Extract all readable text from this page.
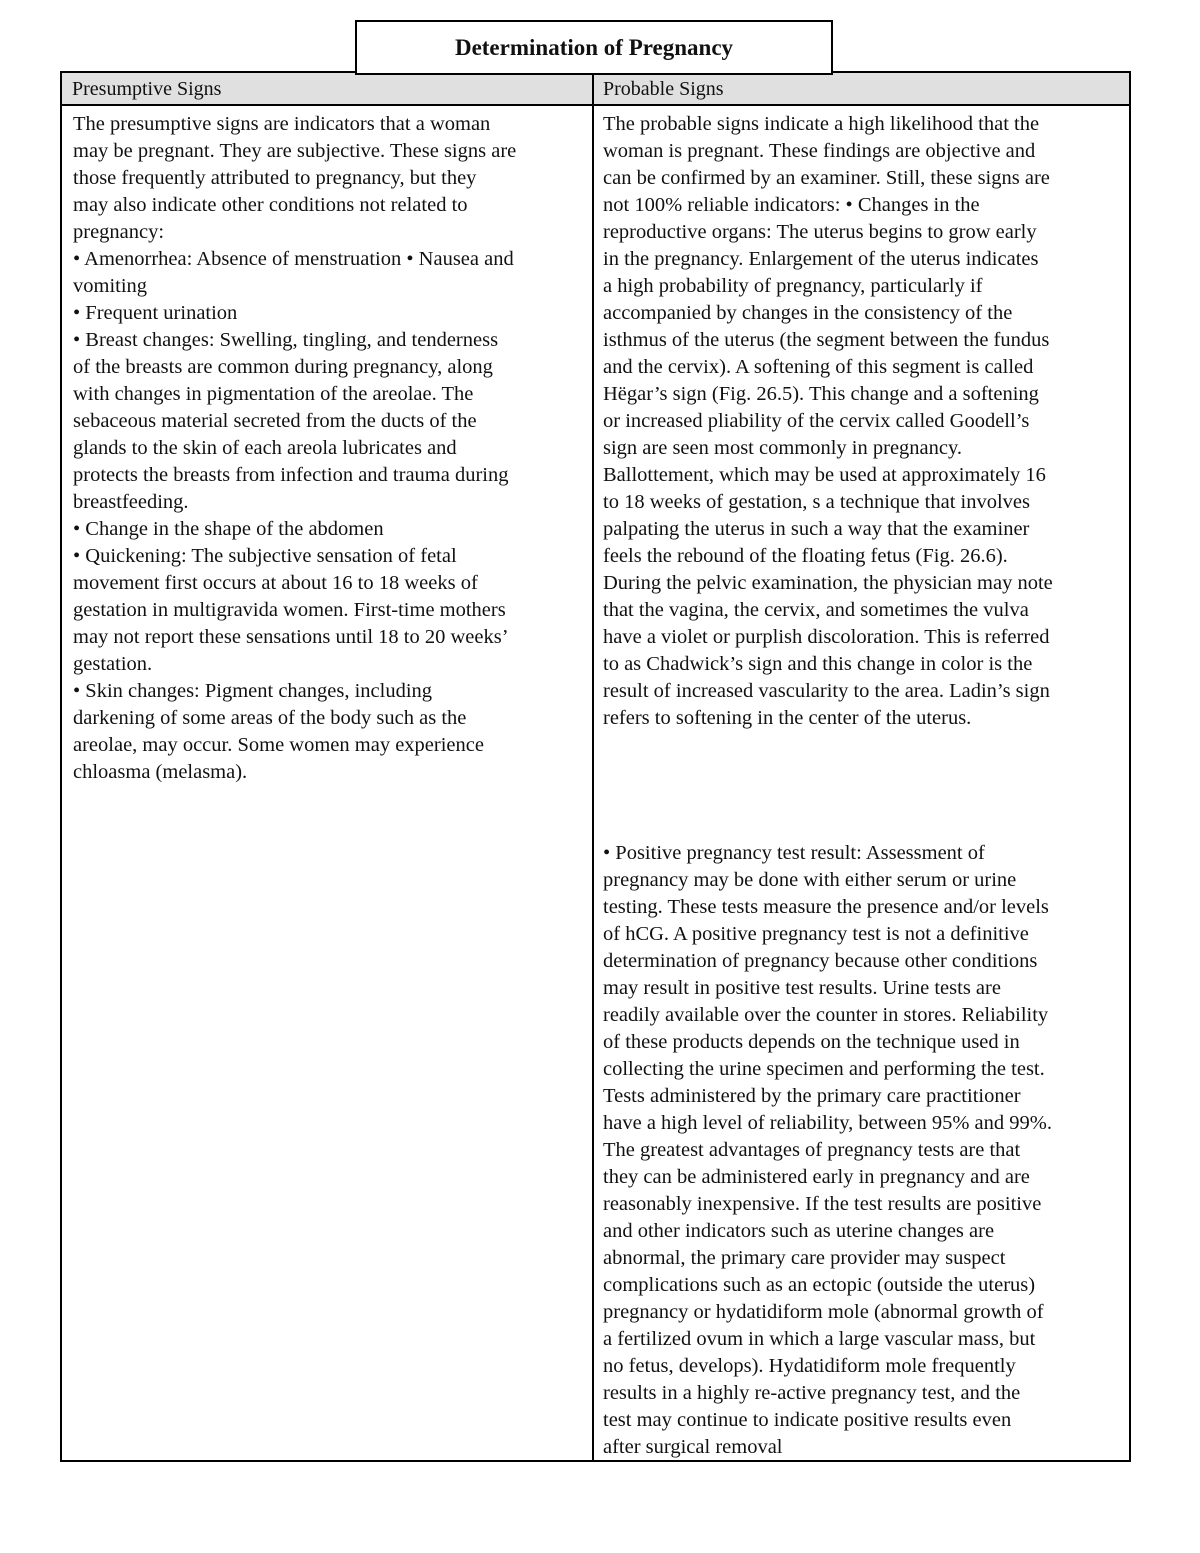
Determination of Pregnancy
Presumptive Signs	Probable Signs
The presumptive signs are indicators that a woman
may be pregnant. They are subjective. These signs are
those frequently attributed to pregnancy, but they
may also indicate other conditions not related to
pregnancy:
• Amenorrhea: Absence of menstruation • Nausea and
vomiting
• Frequent urination
• Breast changes: Swelling, tingling, and tenderness
of the breasts are common during pregnancy, along
with changes in pigmentation of the areolae. The
sebaceous material secreted from the ducts of the
glands to the skin of each areola lubricates and
protects the breasts from infection and trauma during
breastfeeding.
• Change in the shape of the abdomen
• Quickening: The subjective sensation of fetal
movement first occurs at about 16 to 18 weeks of
gestation in multigravida women. First-time mothers
may not report these sensations until 18 to 20 weeks’
gestation.
• Skin changes: Pigment changes, including
darkening of some areas of the body such as the
areolae, may occur. Some women may experience
chloasma (melasma).
The probable signs indicate a high likelihood that the
woman is pregnant. These findings are objective and
can be confirmed by an examiner. Still, these signs are
not 100% reliable indicators: • Changes in the
reproductive organs: The uterus begins to grow early
in the pregnancy. Enlargement of the uterus indicates
a high probability of pregnancy, particularly if
accompanied by changes in the consistency of the
isthmus of the uterus (the segment between the fundus
and the cervix). A softening of this segment is called
Hëgar’s sign (Fig. 26.5). This change and a softening
or increased pliability of the cervix called Goodell’s
sign are seen most commonly in pregnancy.
Ballottement, which may be used at approximately 16
to 18 weeks of gestation, s a technique that involves
palpating the uterus in such a way that the examiner
feels the rebound of the floating fetus (Fig. 26.6).
During the pelvic examination, the physician may note
that the vagina, the cervix, and sometimes the vulva
have a violet or purplish discoloration. This is referred
to as Chadwick’s sign and this change in color is the
result of increased vascularity to the area. Ladin’s sign
refers to softening in the center of the uterus.
• Positive pregnancy test result: Assessment of
pregnancy may be done with either serum or urine
testing. These tests measure the presence and/or levels
of hCG. A positive pregnancy test is not a definitive
determination of pregnancy because other conditions
may result in positive test results. Urine tests are
readily available over the counter in stores. Reliability
of these products depends on the technique used in
collecting the urine specimen and performing the test.
Tests administered by the primary care practitioner
have a high level of reliability, between 95% and 99%.
The greatest advantages of pregnancy tests are that
they can be administered early in pregnancy and are
reasonably inexpensive. If the test results are positive
and other indicators such as uterine changes are
abnormal, the primary care provider may suspect
complications such as an ectopic (outside the uterus)
pregnancy or hydatidiform mole (abnormal growth of
a fertilized ovum in which a large vascular mass, but
no fetus, develops). Hydatidiform mole frequently
results in a highly re-active pregnancy test, and the
test may continue to indicate positive results even
after surgical removal
